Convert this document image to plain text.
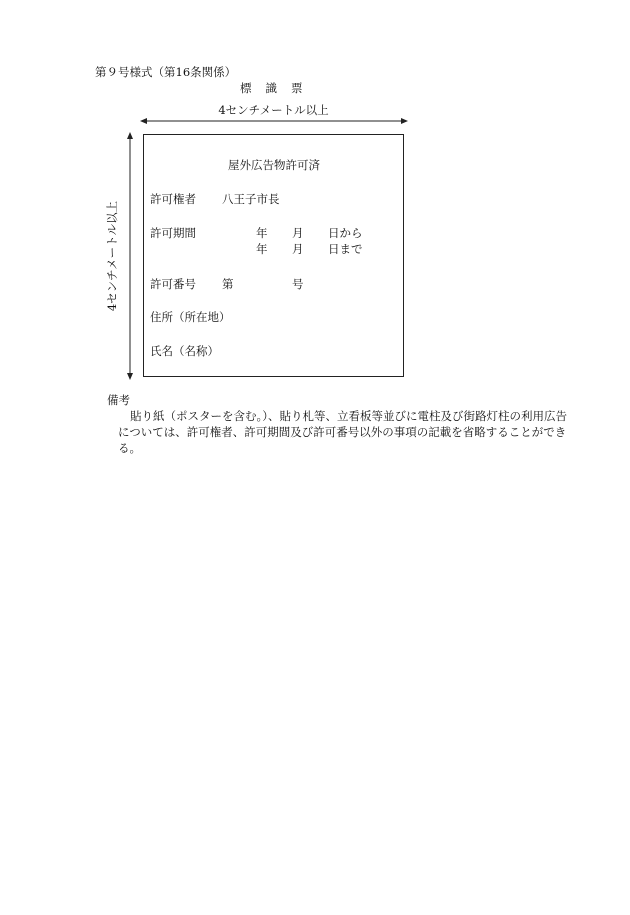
第９号様式（第16条関係）
標 識 票
4センチメートル以上
4センチメートル以上
屋外広告物許可済
許可権者 八王子市長
許可期間	年 月 日から
年 月 日まで
許可番号 第	号
住所（所在地）
氏名（名称）
備考
貼り紙（ポスターを含む。）、貼り札等、立看板等並びに電柱及び街路灯柱の利用広告については、許可権者、許可期間及び許可番号以外の事項の記載を省略することができる。
